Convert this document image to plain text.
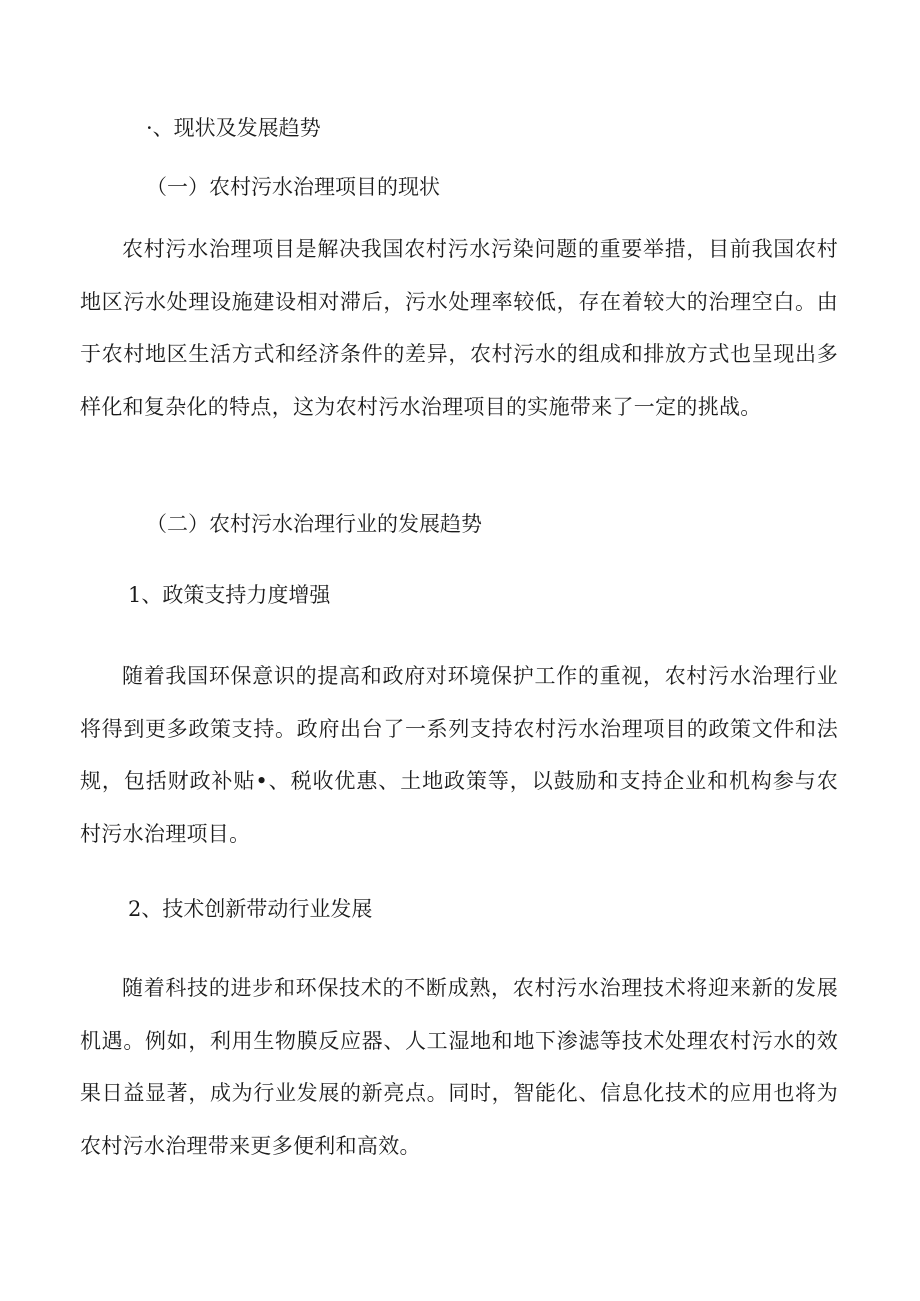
·、现状及发展趋势
（一）农村污水治理项目的现状
农村污水治理项目是解决我国农村污水污染问题的重要举措，目前我国农村地区污水处理设施建设相对滞后，污水处理率较低，存在着较大的治理空白。由于农村地区生活方式和经济条件的差异，农村污水的组成和排放方式也呈现出多样化和复杂化的特点，这为农村污水治理项目的实施带来了一定的挑战。
（二）农村污水治理行业的发展趋势
1、政策支持力度增强
随着我国环保意识的提高和政府对环境保护工作的重视，农村污水治理行业将得到更多政策支持。政府出台了一系列支持农村污水治理项目的政策文件和法规，包括财政补贴•、税收优惠、土地政策等，以鼓励和支持企业和机构参与农村污水治理项目。
2、技术创新带动行业发展
随着科技的进步和环保技术的不断成熟，农村污水治理技术将迎来新的发展机遇。例如，利用生物膜反应器、人工湿地和地下渗滤等技术处理农村污水的效果日益显著，成为行业发展的新亮点。同时，智能化、信息化技术的应用也将为农村污水治理带来更多便利和高效。
